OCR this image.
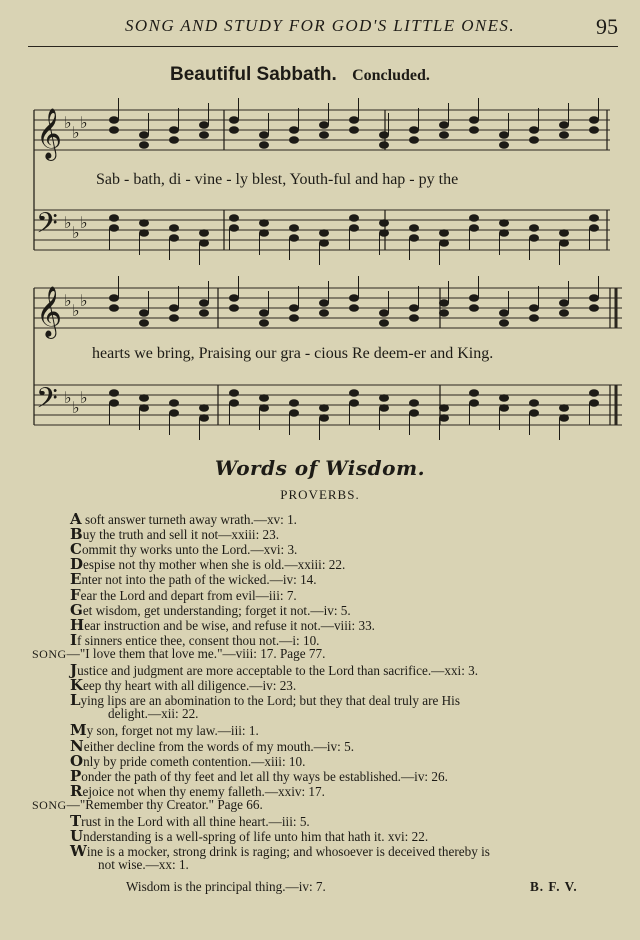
SONG AND STUDY FOR GOD'S LITTLE ONES.	95
Beautiful Sabbath. Concluded.
𝄞 ♭
♭
♭
𝄢 ♭
♭
♭
𝄞 ♭
♭
♭
𝄢 ♭
♭
♭
Sab - bath, di - vine - ly blest, Youth-ful and hap - py the
hearts we bring, Praising our gra - cious Re deem-er and King.
Words of Wisdom.
PROVERBS.
A soft answer turneth away wrath.—xv: 1.
Buy the truth and sell it not—xxiii: 23.
Commit thy works unto the Lord.—xvi: 3.
Despise not thy mother when she is old.—xxiii: 22.
Enter not into the path of the wicked.—iv: 14.
Fear the Lord and depart from evil—iii: 7.
Get wisdom, get understanding; forget it not.—iv: 5.
Hear instruction and be wise, and refuse it not.—viii: 33.
If sinners entice thee, consent thou not.—i: 10.
SONG—"I love them that love me."—viii: 17. Page 77.
Justice and judgment are more acceptable to the Lord than sacrifice.—xxi: 3.
Keep thy heart with all diligence.—iv: 23.
Lying lips are an abomination to the Lord; but they that deal truly are His
delight.—xii: 22.
My son, forget not my law.—iii: 1.
Neither decline from the words of my mouth.—iv: 5.
Only by pride cometh contention.—xiii: 10.
Ponder the path of thy feet and let all thy ways be established.—iv: 26.
Rejoice not when thy enemy falleth.—xxiv: 17.
SONG—"Remember thy Creator." Page 66.
Trust in the Lord with all thine heart.—iii: 5.
Understanding is a well-spring of life unto him that hath it. xvi: 22.
Wine is a mocker, strong drink is raging; and whosoever is deceived thereby is
not wise.—xx: 1.
Wisdom is the principal thing.—iv: 7.	B. F. V.
